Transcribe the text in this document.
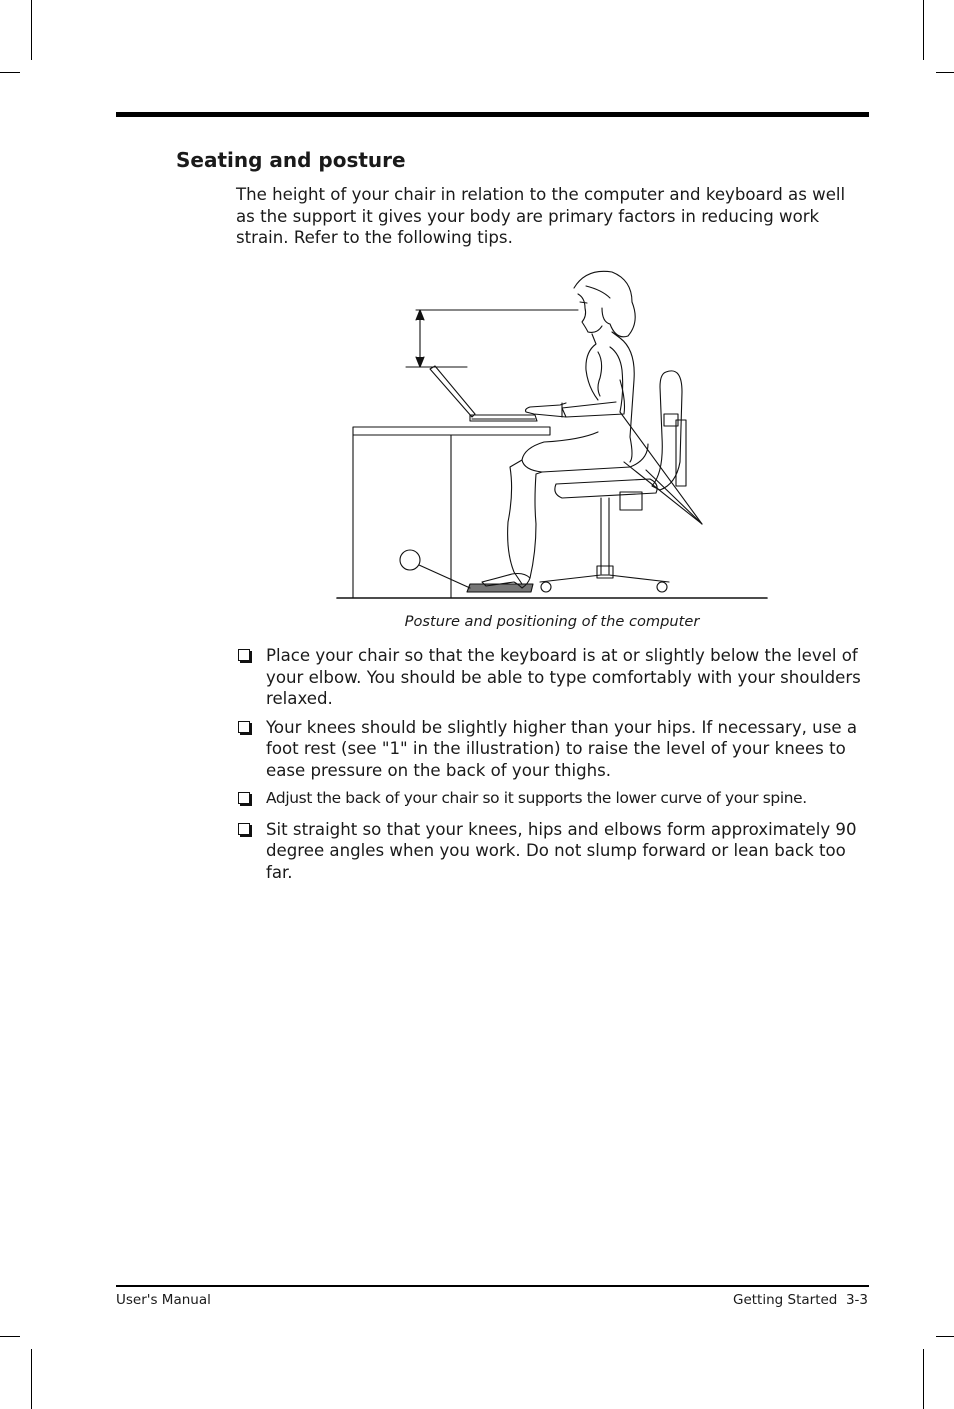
Seating and posture

The height of your chair in relation to the computer and keyboard as well as the support it gives your body are primary factors in reducing work strain. Refer to the following tips.

Posture and positioning of the computer
Place your chair so that the keyboard is at or slightly below the level of your elbow. You should be able to type comfortably with your shoulders relaxed.
Your knees should be slightly higher than your hips. If necessary, use a foot rest (see "1" in the illustration) to raise the level of your knees to ease pressure on the back of your thighs.
Adjust the back of your chair so it supports the lower curve of your spine.
Sit straight so that your knees, hips and elbows form approximately 90 degree angles when you work. Do not slump forward or lean back too far.
User's Manual	Getting Started  3-3
